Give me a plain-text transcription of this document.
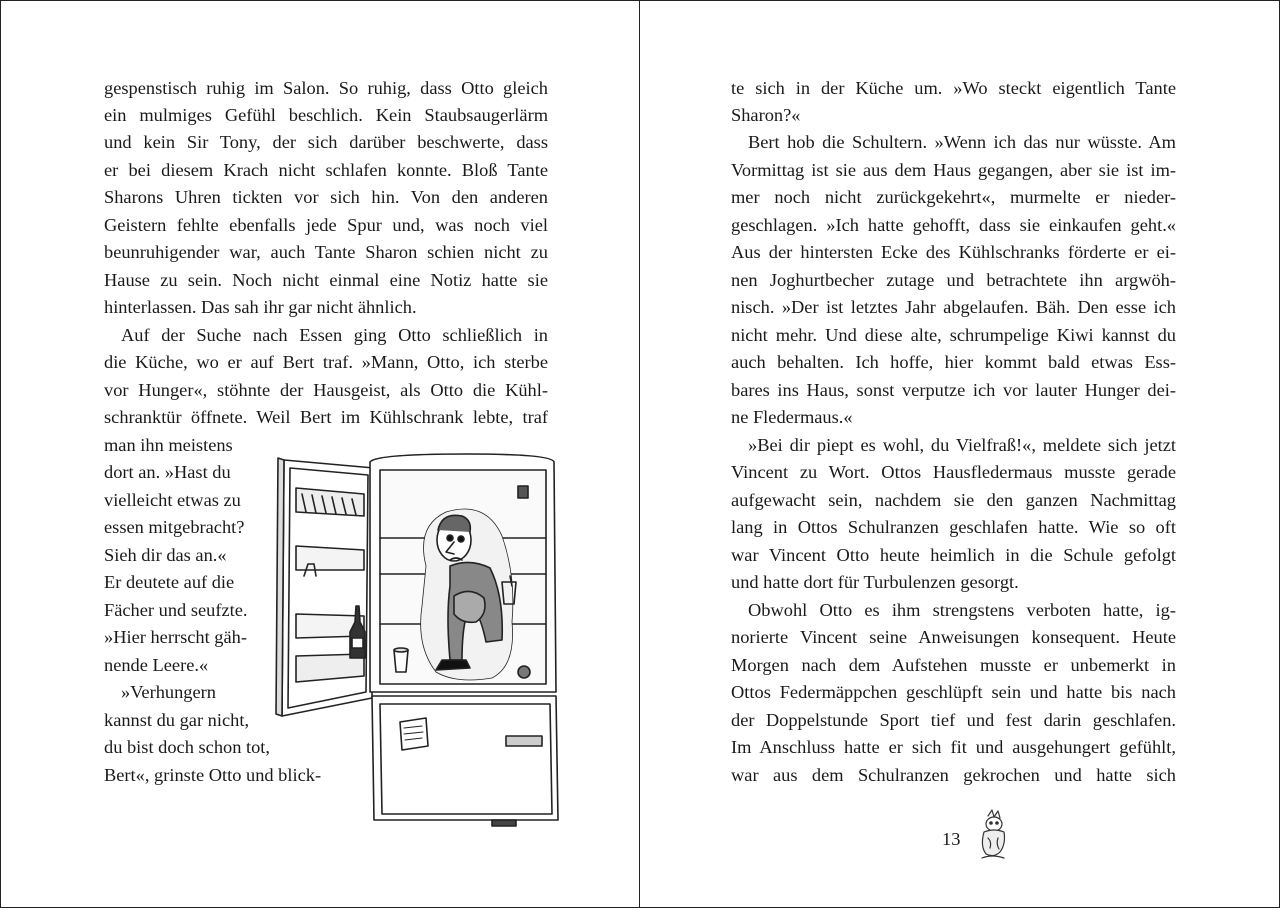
gespenstisch ruhig im Salon. So ruhig, dass Otto gleich
ein mulmiges Gefühl beschlich. Kein Staubsaugerlärm
und kein Sir Tony, der sich darüber beschwerte, dass
er bei diesem Krach nicht schlafen konnte. Bloß Tante
Sharons Uhren tickten vor sich hin. Von den anderen
Geistern fehlte ebenfalls jede Spur und, was noch viel
beunruhigender war, auch Tante Sharon schien nicht zu
Hause zu sein. Noch nicht einmal eine Notiz hatte sie
hinterlassen. Das sah ihr gar nicht ähnlich.
Auf der Suche nach Essen ging Otto schließlich in
die Küche, wo er auf Bert traf. »Mann, Otto, ich sterbe
vor Hunger«, stöhnte der Hausgeist, als Otto die Kühl-
schranktür öffnete. Weil Bert im Kühlschrank lebte, traf
man ihn meistens
dort an. »Hast du
vielleicht etwas zu
essen mitgebracht?
Sieh dir das an.«
Er deutete auf die
Fächer und seufzte.
»Hier herrscht gäh-
nende Leere.«
»Verhungern
kannst du gar nicht,
du bist doch schon tot,
Bert«, grinste Otto und blick-
te sich in der Küche um. »Wo steckt eigentlich Tante
Sharon?«
Bert hob die Schultern. »Wenn ich das nur wüsste. Am
Vormittag ist sie aus dem Haus gegangen, aber sie ist im-
mer noch nicht zurückgekehrt«, murmelte er nieder-
geschlagen. »Ich hatte gehofft, dass sie einkaufen geht.«
Aus der hintersten Ecke des Kühlschranks förderte er ei-
nen Joghurtbecher zutage und betrachtete ihn argwöh-
nisch. »Der ist letztes Jahr abgelaufen. Bäh. Den esse ich
nicht mehr. Und diese alte, schrumpelige Kiwi kannst du
auch behalten. Ich hoffe, hier kommt bald etwas Ess-
bares ins Haus, sonst verputze ich vor lauter Hunger dei-
ne Fledermaus.«
»Bei dir piept es wohl, du Vielfraß!«, meldete sich jetzt
Vincent zu Wort. Ottos Hausfledermaus musste gerade
aufgewacht sein, nachdem sie den ganzen Nachmittag
lang in Ottos Schulranzen geschlafen hatte. Wie so oft
war Vincent Otto heute heimlich in die Schule gefolgt
und hatte dort für Turbulenzen gesorgt.
Obwohl Otto es ihm strengstens verboten hatte, ig-
norierte Vincent seine Anweisungen konsequent. Heute
Morgen nach dem Aufstehen musste er unbemerkt in
Ottos Federmäppchen geschlüpft sein und hatte bis nach
der Doppelstunde Sport tief und fest darin geschlafen.
Im Anschluss hatte er sich fit und ausgehungert gefühlt,
war aus dem Schulranzen gekrochen und hatte sich
13
